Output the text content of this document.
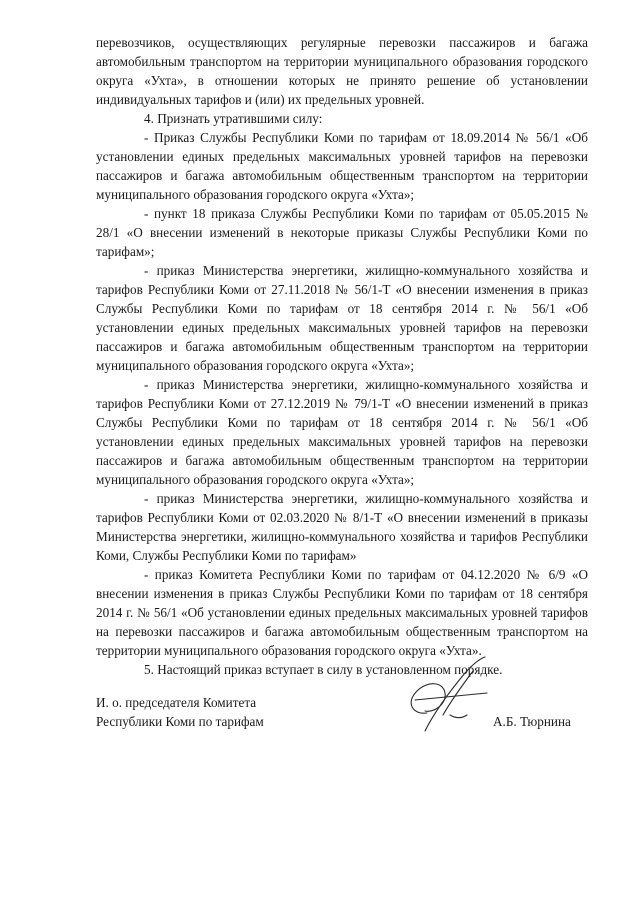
перевозчиков, осуществляющих регулярные перевозки пассажиров и багажа автомобильным транспортом на территории муниципального образования городского округа «Ухта», в отношении которых не принято решение об установлении индивидуальных тарифов и (или) их предельных уровней.

4. Признать утратившими силу:

- Приказ Службы Республики Коми по тарифам от 18.09.2014 № 56/1 «Об установлении единых предельных максимальных уровней тарифов на перевозки пассажиров и багажа автомобильным общественным транспортом на территории муниципального образования городского округа «Ухта»;

- пункт 18 приказа Службы Республики Коми по тарифам от 05.05.2015 № 28/1 «О внесении изменений в некоторые приказы Службы Республики Коми по тарифам»;

- приказ Министерства энергетики, жилищно-коммунального хозяйства и тарифов Республики Коми от 27.11.2018 № 56/1-Т «О внесении изменения в приказ Службы Республики Коми по тарифам от 18 сентября 2014 г. № 56/1 «Об установлении единых предельных максимальных уровней тарифов на перевозки пассажиров и багажа автомобильным общественным транспортом на территории муниципального образования городского округа «Ухта»;

- приказ Министерства энергетики, жилищно-коммунального хозяйства и тарифов Республики Коми от 27.12.2019 № 79/1-Т «О внесении изменений в приказ Службы Республики Коми по тарифам от 18 сентября 2014 г. № 56/1 «Об установлении единых предельных максимальных уровней тарифов на перевозки пассажиров и багажа автомобильным общественным транспортом на территории муниципального образования городского округа «Ухта»;

- приказ Министерства энергетики, жилищно-коммунального хозяйства и тарифов Республики Коми от 02.03.2020 № 8/1-Т «О внесении изменений в приказы Министерства энергетики, жилищно-коммунального хозяйства и тарифов Республики Коми, Службы Республики Коми по тарифам»

- приказ Комитета Республики Коми по тарифам от 04.12.2020 № 6/9 «О внесении изменения в приказ Службы Республики Коми по тарифам от 18 сентября 2014 г. № 56/1 «Об установлении единых предельных максимальных уровней тарифов на перевозки пассажиров и багажа автомобильным общественным транспортом на территории муниципального образования городского округа «Ухта».

5. Настоящий приказ вступает в силу в установленном порядке.

И. о. председателя Комитета
Республики Коми по тарифам	А.Б. Тюрнина
